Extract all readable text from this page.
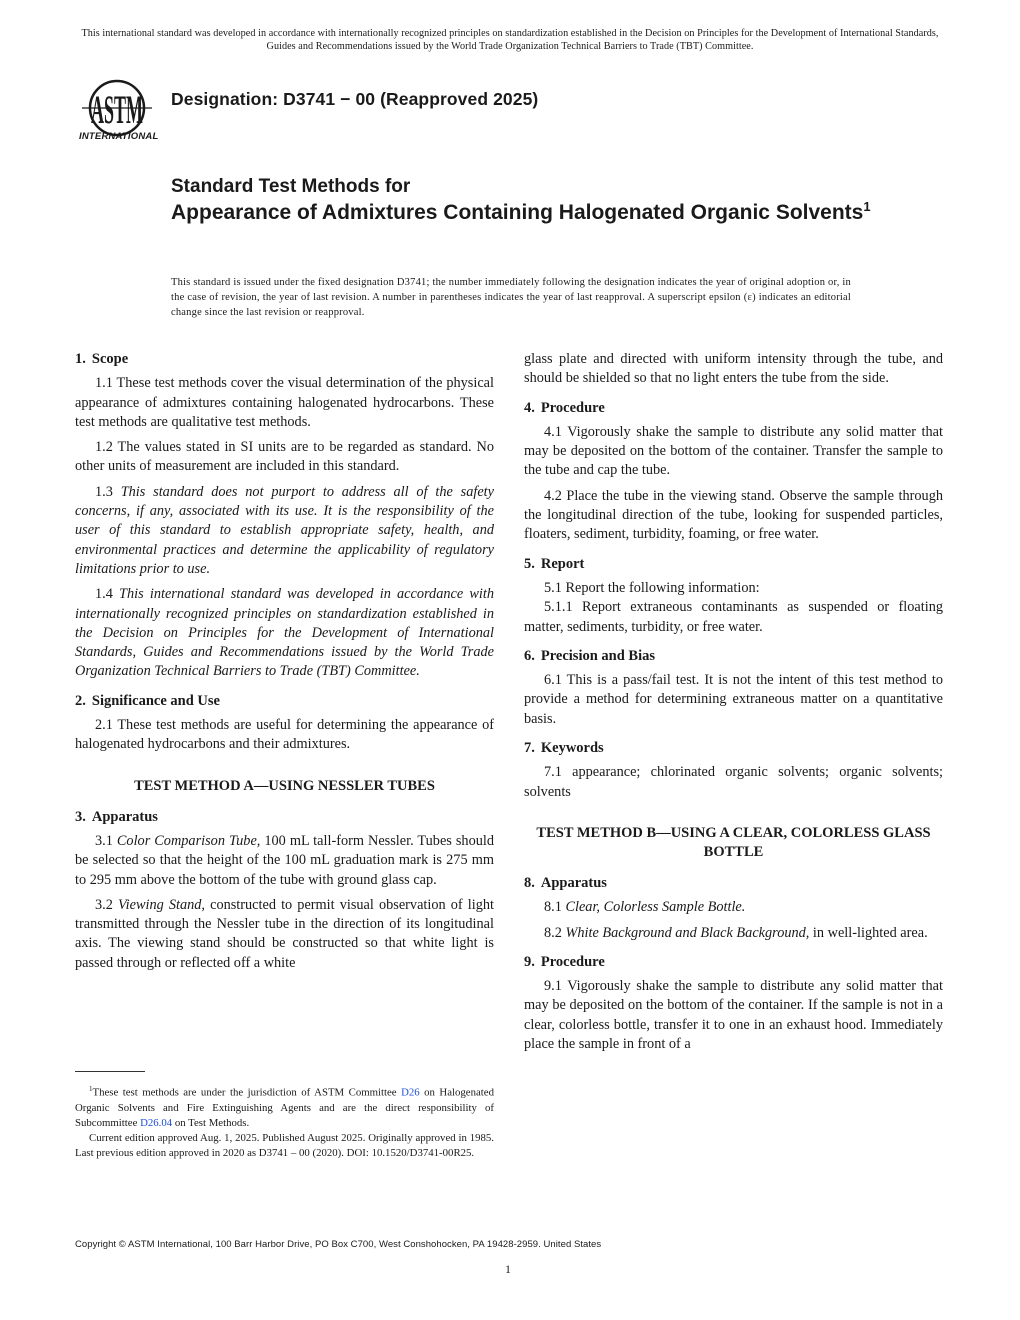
This international standard was developed in accordance with internationally recognized principles on standardization established in the Decision on Principles for the Development of International Standards, Guides and Recommendations issued by the World Trade Organization Technical Barriers to Trade (TBT) Committee.
ASTM
INTERNATIONAL
Designation: D3741 − 00 (Reapproved 2025)
Standard Test Methods for
Appearance of Admixtures Containing Halogenated Organic Solvents$^1$
This standard is issued under the fixed designation D3741; the number immediately following the designation indicates the year of original adoption or, in the case of revision, the year of last revision. A number in parentheses indicates the year of last reapproval. A superscript epsilon (ε) indicates an editorial change since the last revision or reapproval.
1. Scope

1.1 These test methods cover the visual determination of the physical appearance of admixtures containing halogenated hydrocarbons. These test methods are qualitative test methods.

1.2 The values stated in SI units are to be regarded as standard. No other units of measurement are included in this standard.

1.3 This standard does not purport to address all of the safety concerns, if any, associated with its use. It is the responsibility of the user of this standard to establish appropriate safety, health, and environmental practices and determine the applicability of regulatory limitations prior to use.

1.4 This international standard was developed in accordance with internationally recognized principles on standardization established in the Decision on Principles for the Development of International Standards, Guides and Recommendations issued by the World Trade Organization Technical Barriers to Trade (TBT) Committee.

2. Significance and Use

2.1 These test methods are useful for determining the appearance of halogenated hydrocarbons and their admixtures.

TEST METHOD A—USING NESSLER TUBES
3. Apparatus

3.1 Color Comparison Tube, 100 mL tall-form Nessler. Tubes should be selected so that the height of the 100 mL graduation mark is 275 mm to 295 mm above the bottom of the tube with ground glass cap.

3.2 Viewing Stand, constructed to permit visual observation of light transmitted through the Nessler tube in the direction of its longitudinal axis. The viewing stand should be constructed so that white light is passed through or reflected off a white

glass plate and directed with uniform intensity through the tube, and should be shielded so that no light enters the tube from the side.

4. Procedure

4.1 Vigorously shake the sample to distribute any solid matter that may be deposited on the bottom of the container. Transfer the sample to the tube and cap the tube.

4.2 Place the tube in the viewing stand. Observe the sample through the longitudinal direction of the tube, looking for suspended particles, floaters, sediment, turbidity, foaming, or free water.

5. Report

5.1 Report the following information:

5.1.1 Report extraneous contaminants as suspended or floating matter, sediments, turbidity, or free water.

6. Precision and Bias

6.1 This is a pass/fail test. It is not the intent of this test method to provide a method for determining extraneous matter on a quantitative basis.

7. Keywords

7.1 appearance; chlorinated organic solvents; organic solvents; solvents

TEST METHOD B—USING A CLEAR, COLORLESS GLASS BOTTLE
8. Apparatus

8.1 Clear, Colorless Sample Bottle.

8.2 White Background and Black Background, in well-lighted area.

9. Procedure

9.1 Vigorously shake the sample to distribute any solid matter that may be deposited on the bottom of the container. If the sample is not in a clear, colorless bottle, transfer it to one in an exhaust hood. Immediately place the sample in front of a

$^1$These test methods are under the jurisdiction of ASTM Committee D26 on Halogenated Organic Solvents and Fire Extinguishing Agents and are the direct responsibility of Subcommittee D26.04 on Test Methods.

Current edition approved Aug. 1, 2025. Published August 2025. Originally approved in 1985. Last previous edition approved in 2020 as D3741 – 00 (2020). DOI: 10.1520/D3741-00R25.

Copyright © ASTM International, 100 Barr Harbor Drive, PO Box C700, West Conshohocken, PA 19428-2959. United States
1
